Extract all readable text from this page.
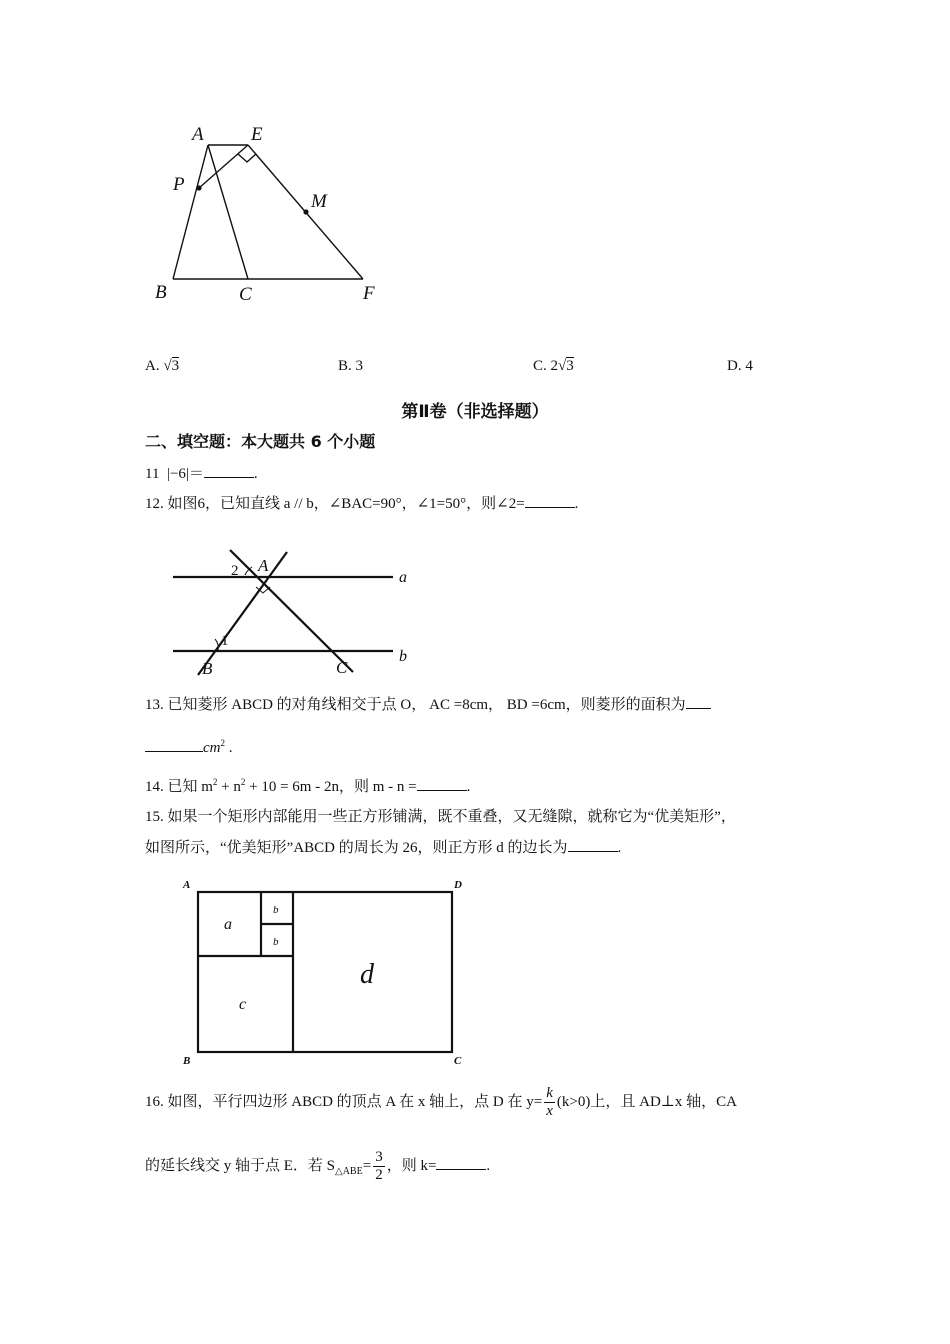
A E
P
M
B	C	F
A. √3	B. 3	C. 2√3	D. 4
第Ⅱ卷（非选择题）
二、填空题：本大题共 6 个小题
11 |−6|＝	.
12. 如图6，已知直线 a // b，∠BAC=90°，∠1=50°，则∠2=	.
A
2
1
B	C
a
b
13. 已知菱形 ABCD 的对角线相交于点 O， AC =8cm， BD =6cm，则菱形的面积为
$cm^2$ .
14. 已知 $m^2 + n^2 + 10 = 6m - 2n$，则 m - n =	.
15. 如果一个矩形内部能用一些正方形铺满，既不重叠，又无缝隙，就称它为“优美矩形”，
如图所示，“优美矩形”ABCD 的周长为 26，则正方形 d 的边长为	.
A	D
B	C
a
b
b
c
d
16. 如图，平行四边形 ABCD 的顶点 A 在 x 轴上，点 D 在 $y= \frac{k}{x} (k>0)$上，且 AD⊥x 轴，CA
的延长线交 y 轴于点 E．若 $S_{\triangle ABE}= \frac{3}{2}$ ，则 k=	.
